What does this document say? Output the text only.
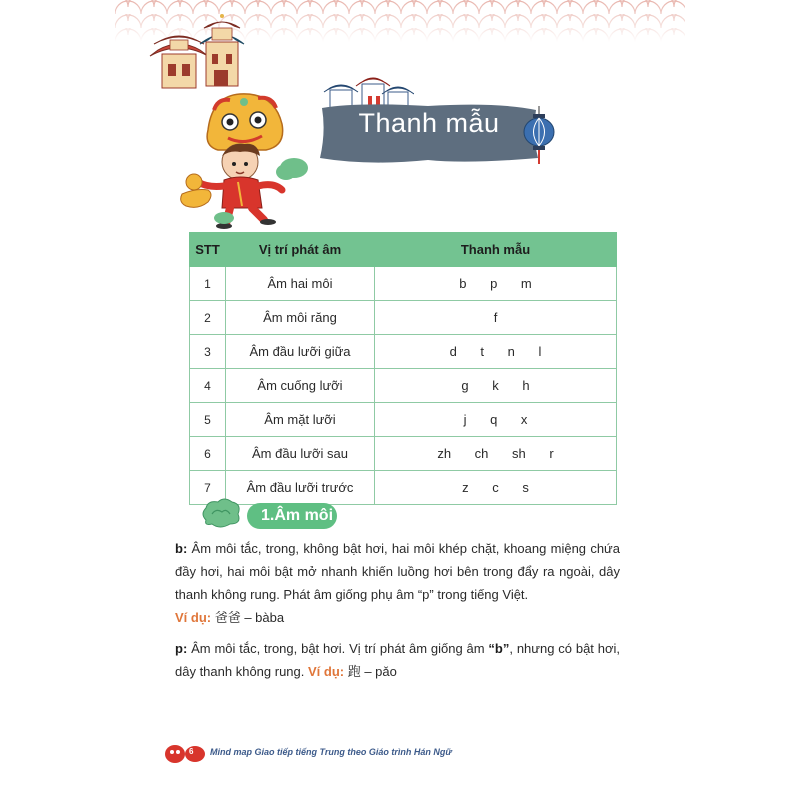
Thanh mẫu
STT	Vị trí phát âm	Thanh mẫu
1	Âm hai môi	b p m
2	Âm môi răng	f
3	Âm đầu lưỡi giữa	d t n l
4	Âm cuống lưỡi	g k h
5	Âm mặt lưỡi	j q x
6	Âm đầu lưỡi sau	zh ch sh r
7	Âm đầu lưỡi trước	z c s
1.Âm môi
b: Âm môi tắc, trong, không bật hơi, hai môi khép chặt, khoang miệng chứa đầy hơi, hai môi bật mở nhanh khiến luồng hơi bên trong đẩy ra ngoài, dây thanh không rung. Phát âm giống phụ âm “p” trong tiếng Việt.
Ví dụ: 爸爸 – bàba
p: Âm môi tắc, trong, bật hơi. Vị trí phát âm giống âm “b”, nhưng có bật hơi, dây thanh không rung. Ví dụ: 跑 – pǎo
6 Mind map Giao tiếp tiếng Trung theo Giáo trình Hán Ngữ
